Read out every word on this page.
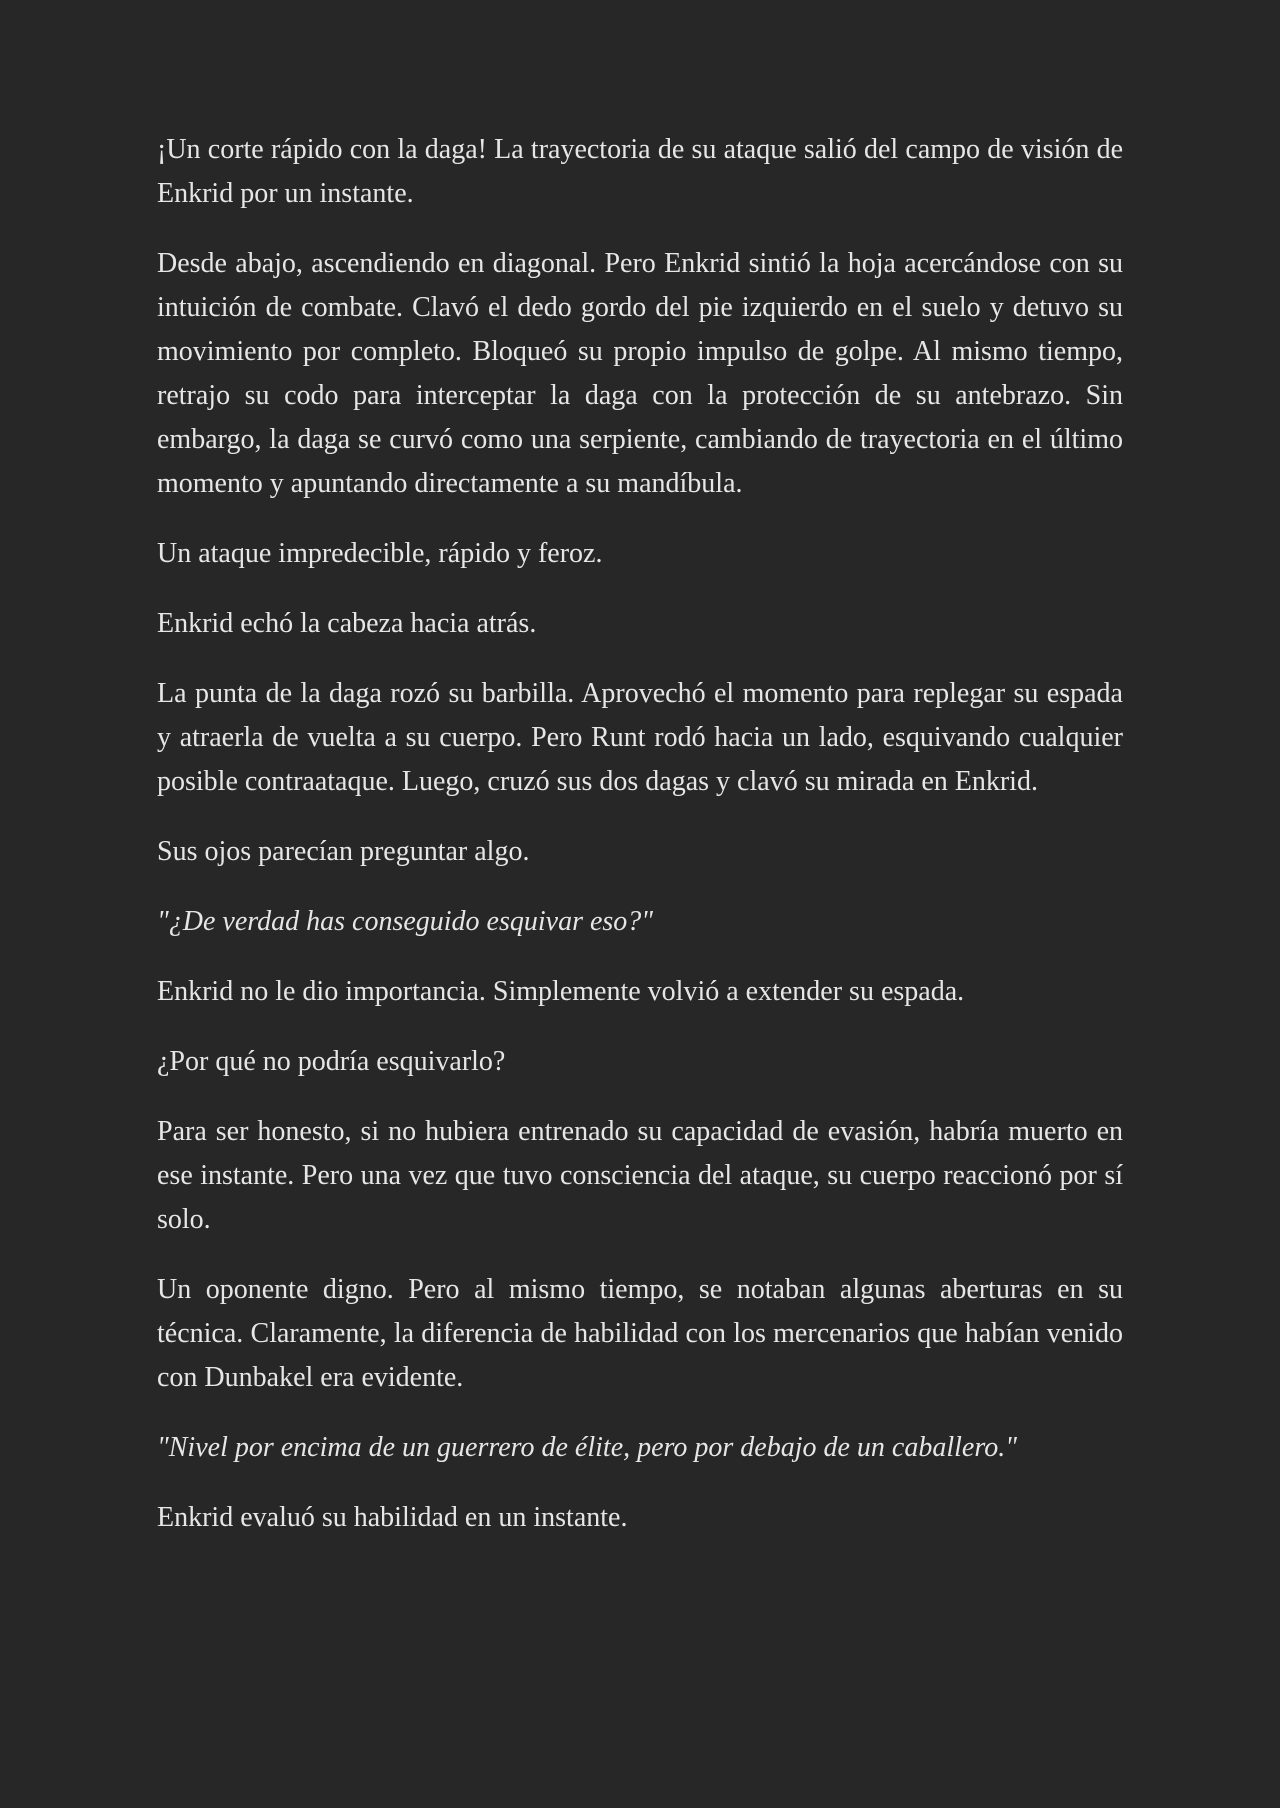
¡Un corte rápido con la daga! La trayectoria de su ataque salió del campo de visión de Enkrid por un instante.

Desde abajo, ascendiendo en diagonal. Pero Enkrid sintió la hoja acercándose con su intuición de combate. Clavó el dedo gordo del pie izquierdo en el suelo y detuvo su movimiento por completo. Bloqueó su propio impulso de golpe. Al mismo tiempo, retrajo su codo para interceptar la daga con la protección de su antebrazo. Sin embargo, la daga se curvó como una serpiente, cambiando de trayectoria en el último momento y apuntando directamente a su mandíbula.

Un ataque impredecible, rápido y feroz.

Enkrid echó la cabeza hacia atrás.

La punta de la daga rozó su barbilla. Aprovechó el momento para replegar su espada y atraerla de vuelta a su cuerpo. Pero Runt rodó hacia un lado, esquivando cualquier posible contraataque. Luego, cruzó sus dos dagas y clavó su mirada en Enkrid.

Sus ojos parecían preguntar algo.

"¿De verdad has conseguido esquivar eso?"

Enkrid no le dio importancia. Simplemente volvió a extender su espada.

¿Por qué no podría esquivarlo?

Para ser honesto, si no hubiera entrenado su capacidad de evasión, habría muerto en ese instante. Pero una vez que tuvo consciencia del ataque, su cuerpo reaccionó por sí solo.

Un oponente digno. Pero al mismo tiempo, se notaban algunas aberturas en su técnica. Claramente, la diferencia de habilidad con los mercenarios que habían venido con Dunbakel era evidente.

"Nivel por encima de un guerrero de élite, pero por debajo de un caballero."

Enkrid evaluó su habilidad en un instante.
